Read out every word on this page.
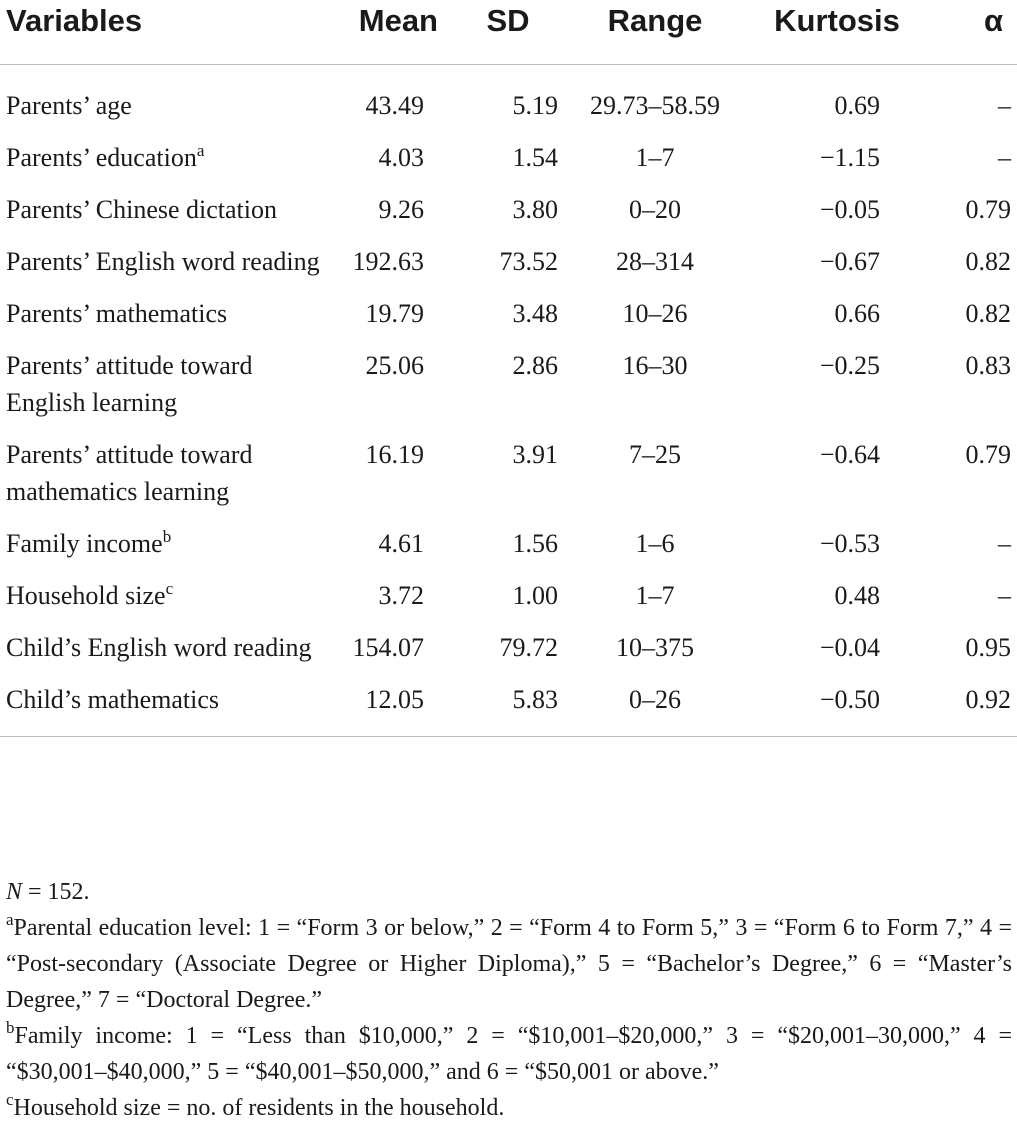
Variables	Mean	SD	Range	Kurtosis	α

Parents’ age	43.49	5.19	29.73–58.59	0.69	–
Parents’ education$^a$	4.03	1.54	1–7	−1.15	–
Parents’ Chinese dictation	9.26	3.80	0–20	−0.05	0.79
Parents’ English word reading	192.63	73.52	28–314	−0.67	0.82
Parents’ mathematics	19.79	3.48	10–26	0.66	0.82
Parents’ attitude toward English learning	25.06	2.86	16–30	−0.25	0.83
Parents’ attitude toward mathematics learning	16.19	3.91	7–25	−0.64	0.79
Family income$^b$	4.61	1.56	1–6	−0.53	–
Household size$^c$	3.72	1.00	1–7	0.48	–
Child’s English word reading	154.07	79.72	10–375	−0.04	0.95
Child’s mathematics	12.05	5.83	0–26	−0.50	0.92

N = 152.

$^a$Parental education level: 1 = “Form 3 or below,” 2 = “Form 4 to Form 5,” 3 = “Form 6 to Form 7,” 4 = “Post-secondary (Associate Degree or Higher Diploma),” 5 = “Bachelor’s Degree,” 6 = “Master’s Degree,” 7 = “Doctoral Degree.”

$^b$Family income: 1 = “Less than $10,000,” 2 = “$10,001–$20,000,” 3 = “$20,001–30,000,” 4 = “$30,001–$40,000,” 5 = “$40,001–$50,000,” and 6 = “$50,001 or above.”

$^c$Household size = no. of residents in the household.
